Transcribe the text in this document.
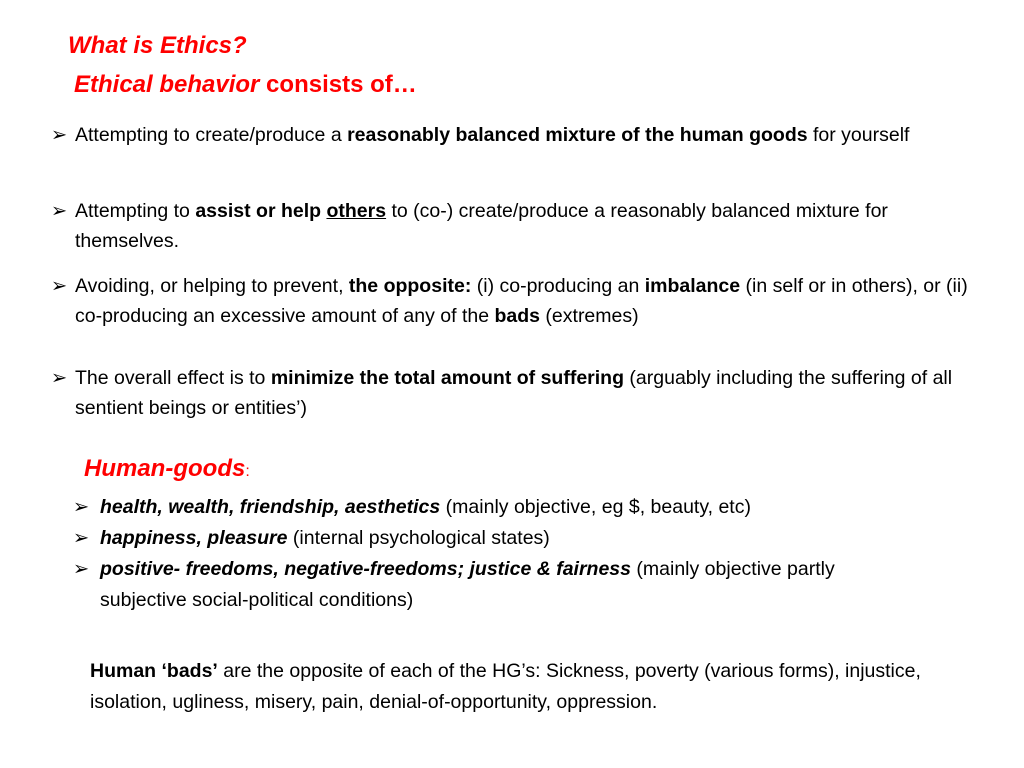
What is Ethics?
Ethical behavior consists of…
➢ Attempting to create/produce a reasonably balanced mixture of the human goods for yourself
➢ Attempting to assist or help others to (co-) create/produce a reasonably balanced mixture for themselves.
➢ Avoiding, or helping to prevent, the opposite: (i) co-producing an imbalance (in self or in others), or (ii) co-producing an excessive amount of any of the bads (extremes)
➢ The overall effect is to minimize the total amount of suffering (arguably including the suffering of all sentient beings or entities’)
Human-goods:
➢ health, wealth, friendship, aesthetics (mainly objective, eg $, beauty, etc)
➢ happiness, pleasure (internal psychological states)
➢ positive- freedoms, negative-freedoms; justice & fairness (mainly objective partly subjective social-political conditions)
Human ‘bads’ are the opposite of each of the HG’s: Sickness, poverty (various forms), injustice, isolation, ugliness, misery, pain, denial-of-opportunity, oppression.
